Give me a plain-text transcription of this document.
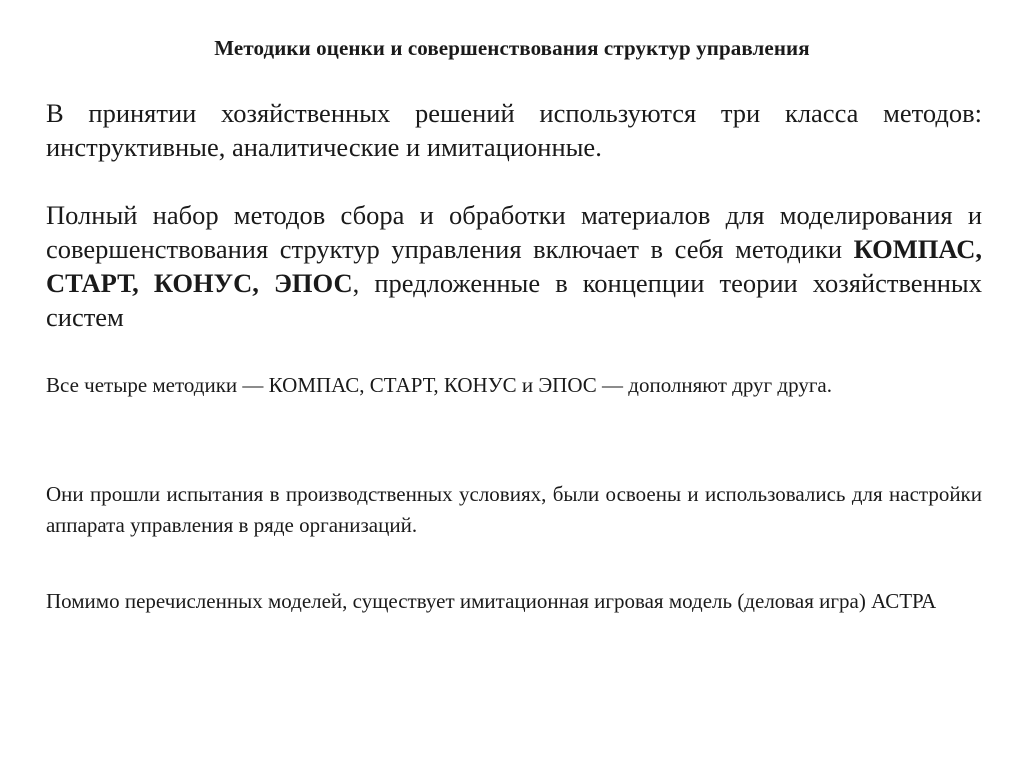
Методики оценки и совершенствования структур управления

В принятии хозяйственных решений используются три класса методов: инструктивные, аналитические и имитационные.

Полный набор методов сбора и обработки материалов для моделирования и совершенствования структур управления включает в себя методики КОМПАС, СТАРТ, КОНУС, ЭПОС, предложенные в концепции теории хозяйственных систем

Все четыре методики — КОМПАС, СТАРТ, КОНУС и ЭПОС — дополняют друг друга.

Они прошли испытания в производственных условиях, были освоены и использовались для настройки аппарата управления в ряде организаций.

Помимо перечисленных моделей, существует имитационная игровая модель (деловая игра) АСТРА
